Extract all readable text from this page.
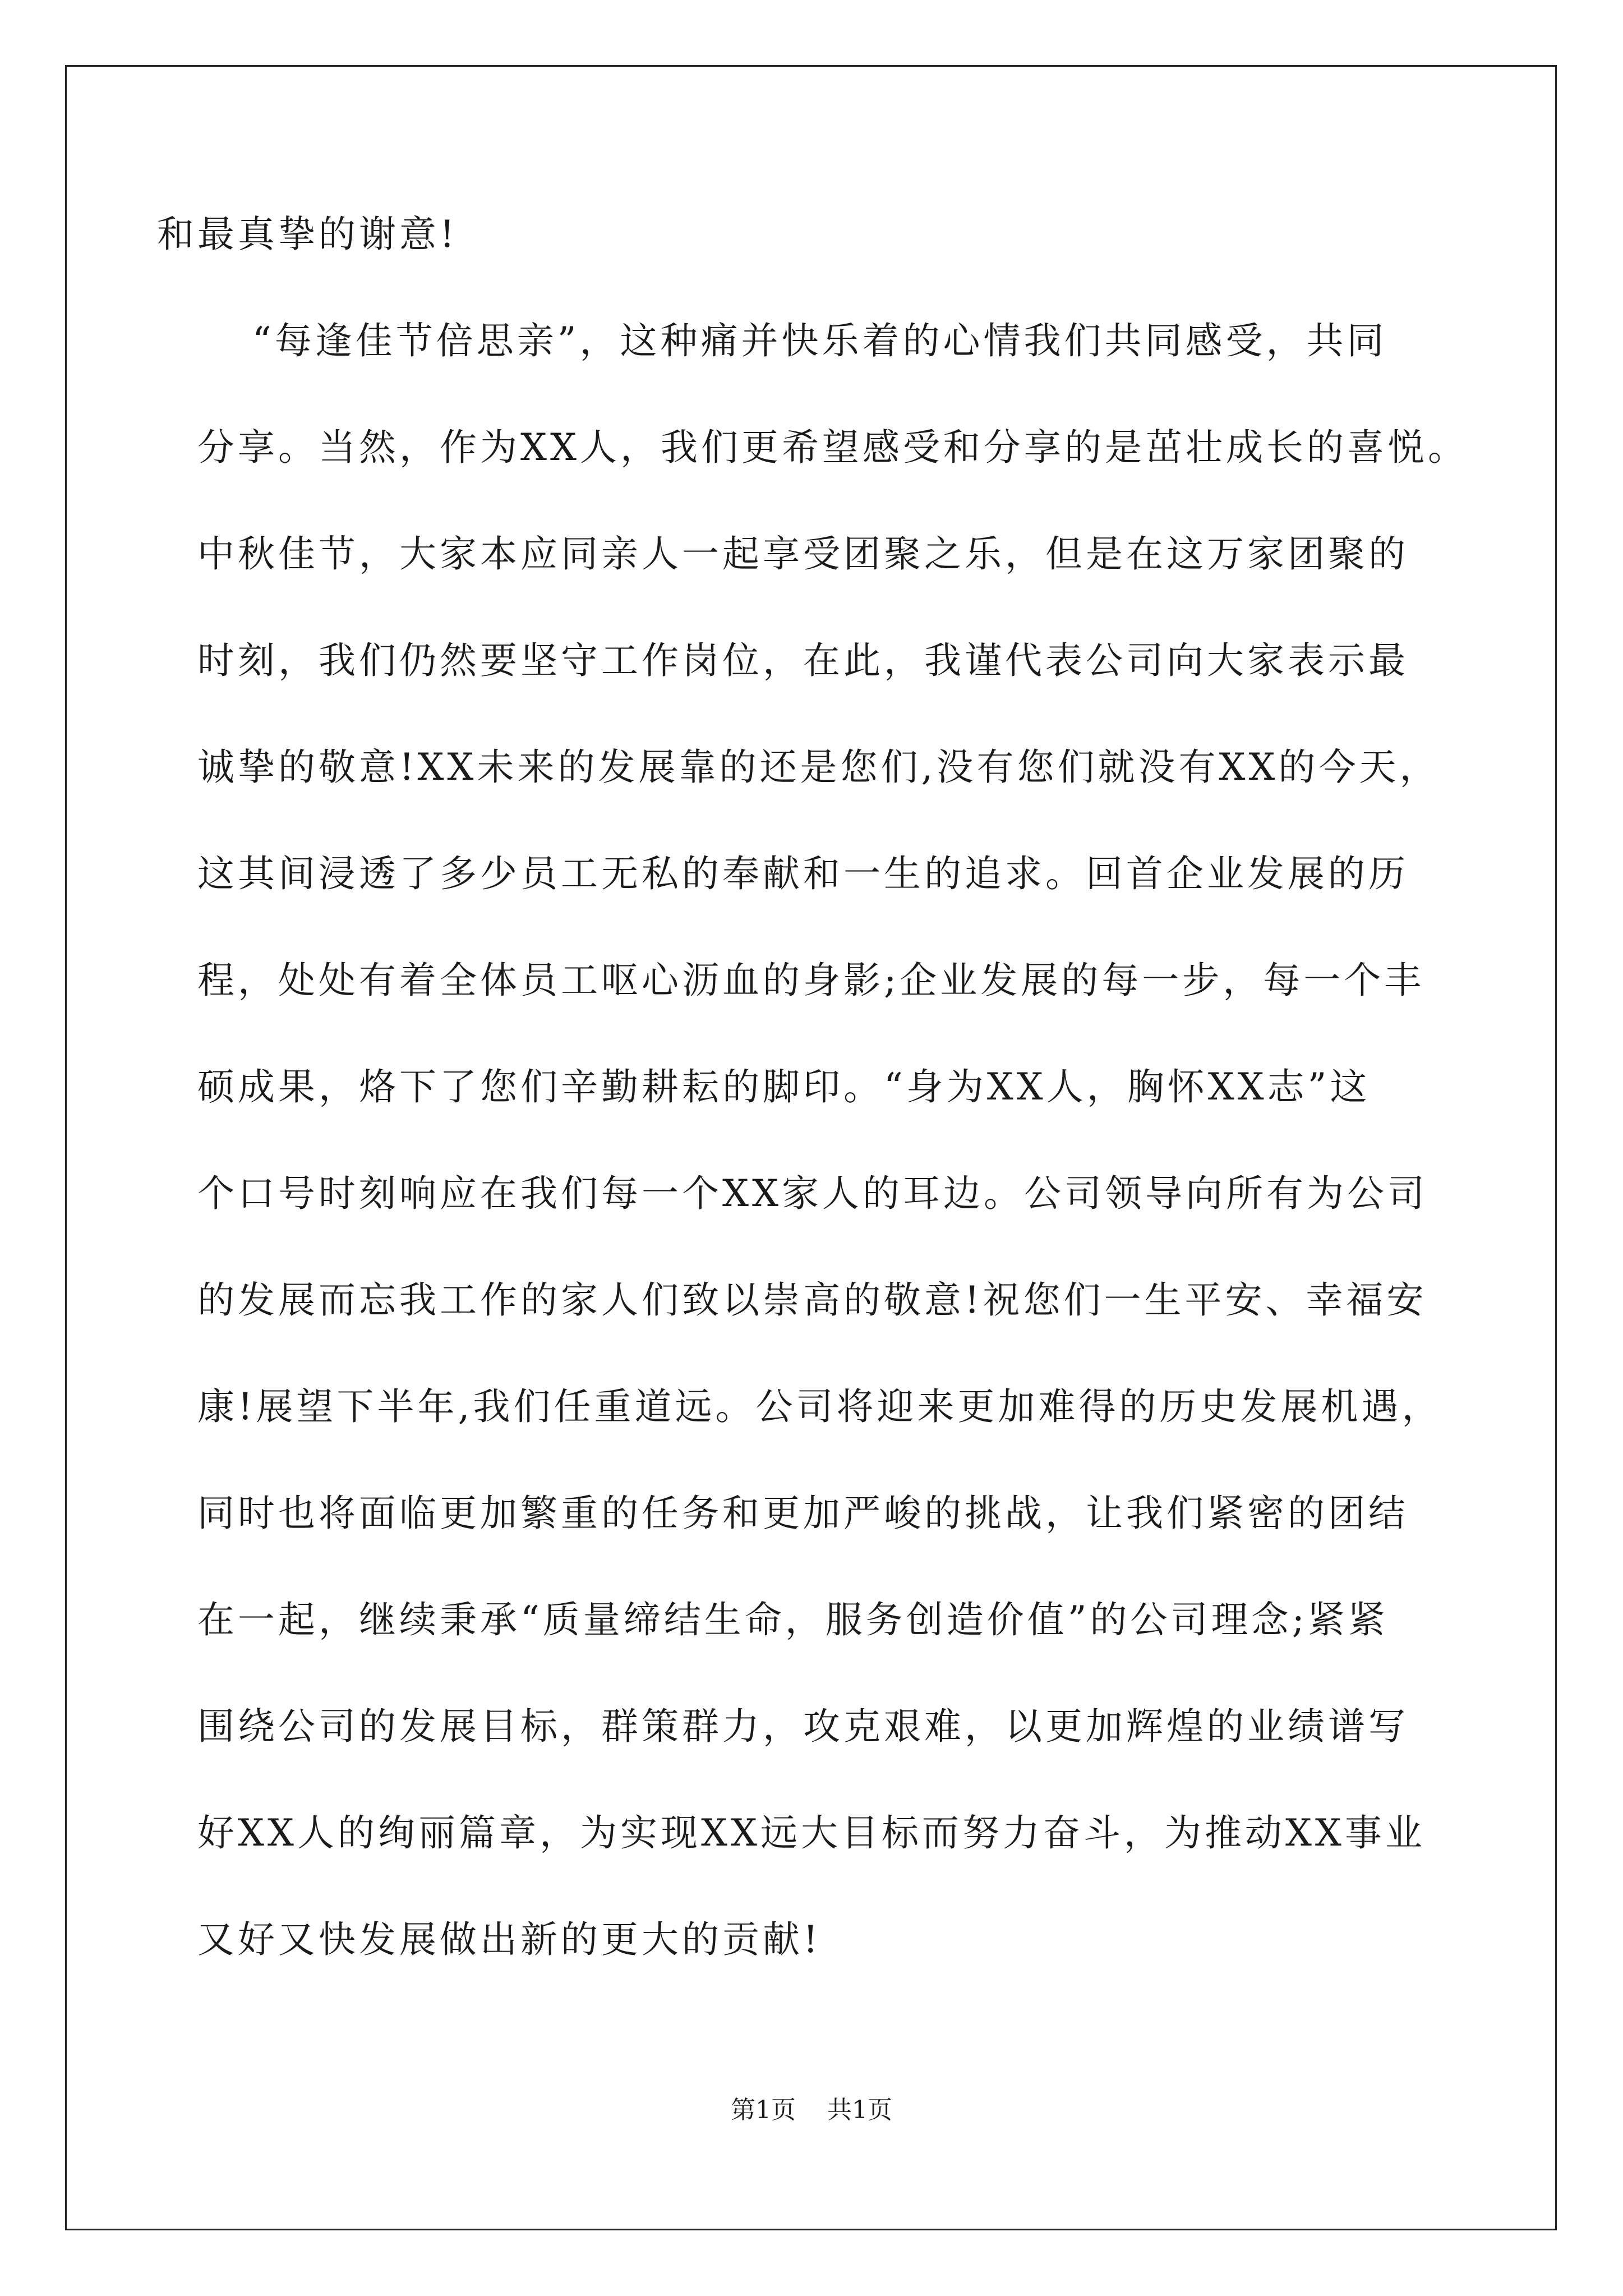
和最真挚的谢意!
“每逢佳节倍思亲”，这种痛并快乐着的心情我们共同感受，共同
分享。当然，作为XX人，我们更希望感受和分享的是茁壮成长的喜悦。
中秋佳节，大家本应同亲人一起享受团聚之乐，但是在这万家团聚的
时刻，我们仍然要坚守工作岗位，在此，我谨代表公司向大家表示最
诚挚的敬意!XX未来的发展靠的还是您们,没有您们就没有XX的今天，
这其间浸透了多少员工无私的奉献和一生的追求。回首企业发展的历
程，处处有着全体员工呕心沥血的身影;企业发展的每一步，每一个丰
硕成果，烙下了您们辛勤耕耘的脚印。“身为XX人，胸怀XX志”这
个口号时刻响应在我们每一个XX家人的耳边。公司领导向所有为公司
的发展而忘我工作的家人们致以崇高的敬意!祝您们一生平安、幸福安
康!展望下半年,我们任重道远。公司将迎来更加难得的历史发展机遇，
同时也将面临更加繁重的任务和更加严峻的挑战，让我们紧密的团结
在一起，继续秉承“质量缔结生命，服务创造价值”的公司理念;紧紧
围绕公司的发展目标，群策群力，攻克艰难，以更加辉煌的业绩谱写
好XX人的绚丽篇章，为实现XX远大目标而努力奋斗，为推动XX事业
又好又快发展做出新的更大的贡献!
第1页 共1页
